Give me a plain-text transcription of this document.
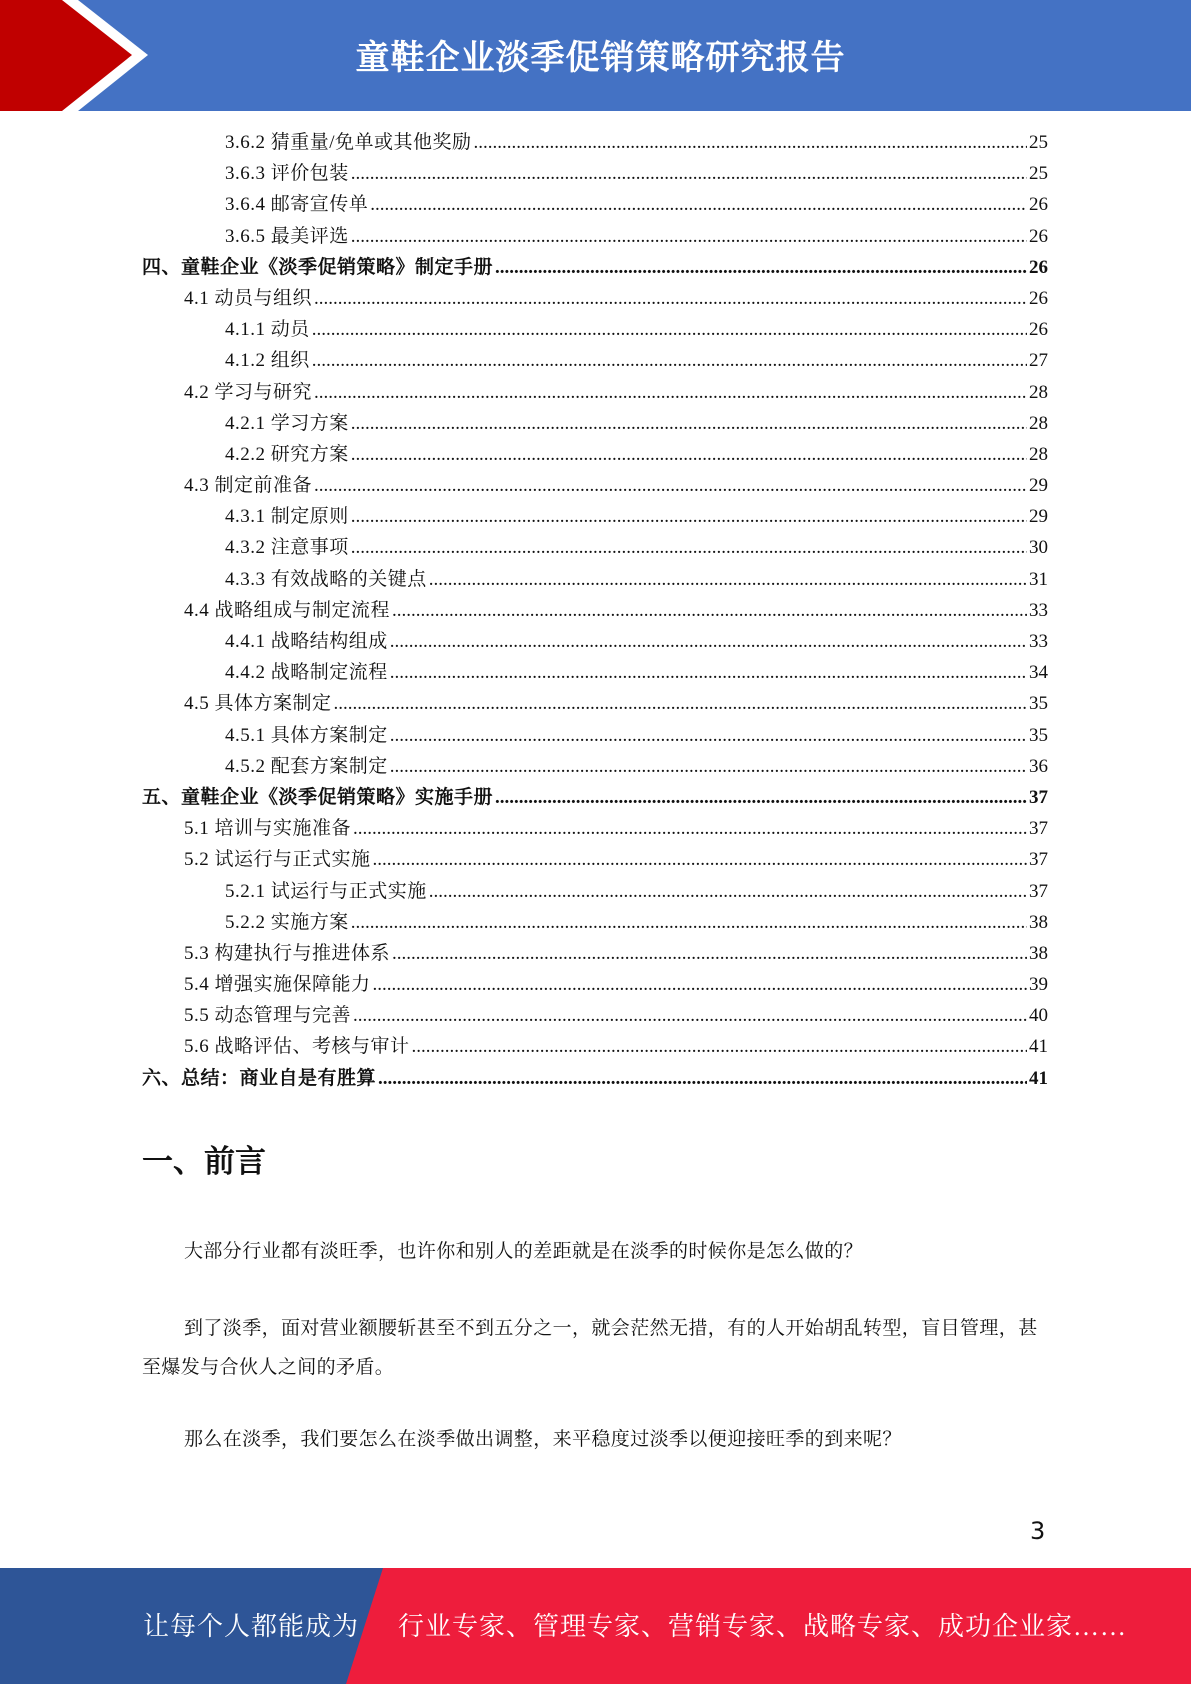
童鞋企业淡季促销策略研究报告
3.6.2 猜重量/免单或其他奖励 .....	25
3.6.3 评价包装 .....	25
3.6.4 邮寄宣传单 .....	26
3.6.5 最美评选 .....	26
四、童鞋企业《淡季促销策略》制定手册 .....	26
4.1 动员与组织 .....	26
4.1.1 动员 .....	26
4.1.2 组织 .....	27
4.2 学习与研究 .....	28
4.2.1 学习方案 .....	28
4.2.2 研究方案 .....	28
4.3 制定前准备 .....	29
4.3.1 制定原则 .....	29
4.3.2 注意事项 .....	30
4.3.3 有效战略的关键点 .....	31
4.4 战略组成与制定流程 .....	33
4.4.1 战略结构组成 .....	33
4.4.2 战略制定流程 .....	34
4.5 具体方案制定 .....	35
4.5.1 具体方案制定 .....	35
4.5.2 配套方案制定 .....	36
五、童鞋企业《淡季促销策略》实施手册 .....	37
5.1 培训与实施准备 .....	37
5.2 试运行与正式实施 .....	37
5.2.1 试运行与正式实施 .....	37
5.2.2 实施方案 .....	38
5.3 构建执行与推进体系 .....	38
5.4 增强实施保障能力 .....	39
5.5 动态管理与完善 .....	40
5.6 战略评估、考核与审计 .....	41
六、总结：商业自是有胜算 .....	41
一、前言

大部分行业都有淡旺季，也许你和别人的差距就是在淡季的时候你是怎么做的？

到了淡季，面对营业额腰斩甚至不到五分之一，就会茫然无措，有的人开始胡乱转型，盲目管理，甚至爆发与合伙人之间的矛盾。

那么在淡季，我们要怎么在淡季做出调整，来平稳度过淡季以便迎接旺季的到来呢？

3
让每个人都能成为 行业专家、管理专家、营销专家、战略专家、成功企业家……
